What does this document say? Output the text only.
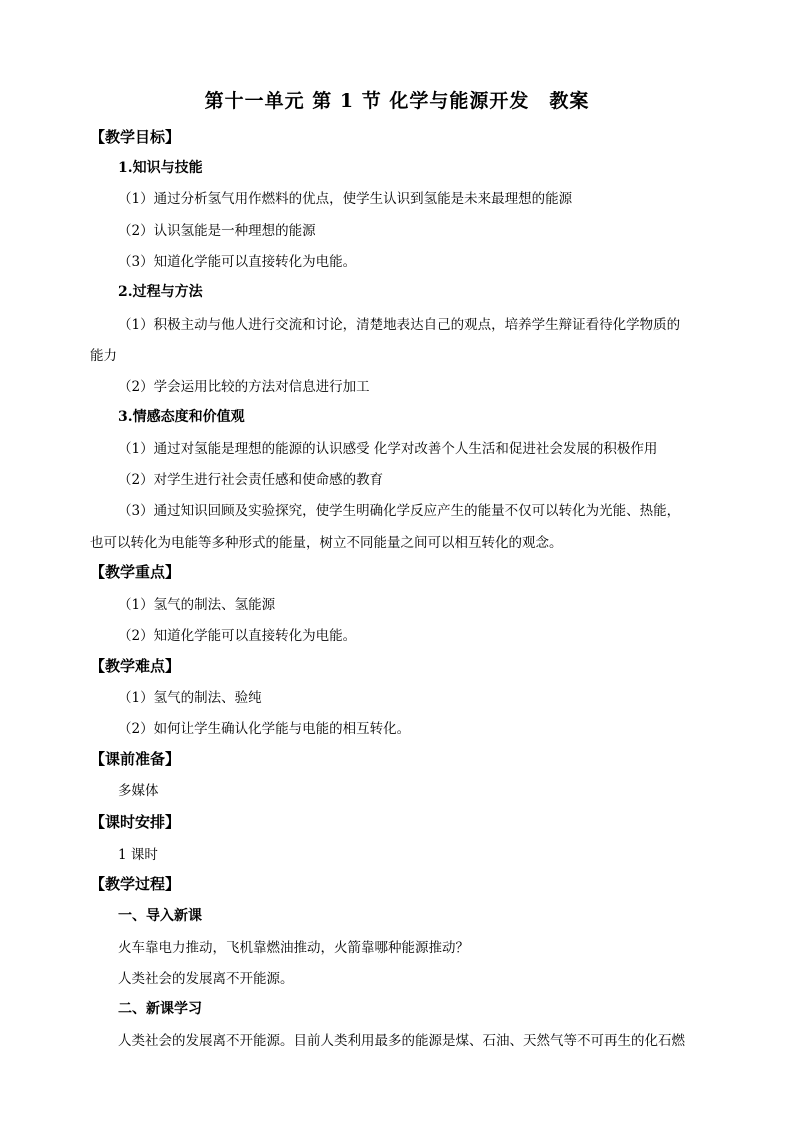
第十一单元 第 1 节 化学与能源开发　教案
【教学目标】
1.知识与技能
（1）通过分析氢气用作燃料的优点，使学生认识到氢能是未来最理想的能源
（2）认识氢能是一种理想的能源
（3）知道化学能可以直接转化为电能。
2.过程与方法
（1）积极主动与他人进行交流和讨论，清楚地表达自己的观点，培养学生辩证看待化学物质的
能力
（2）学会运用比较的方法对信息进行加工
3.情感态度和价值观
（1）通过对氢能是理想的能源的认识感受 化学对改善个人生活和促进社会发展的积极作用
（2）对学生进行社会责任感和使命感的教育
（3）通过知识回顾及实验探究，使学生明确化学反应产生的能量不仅可以转化为光能、热能，
也可以转化为电能等多种形式的能量，树立不同能量之间可以相互转化的观念。
【教学重点】
（1）氢气的制法、氢能源
（2）知道化学能可以直接转化为电能。
【教学难点】
（1）氢气的制法、验纯
（2）如何让学生确认化学能与电能的相互转化。
【课前准备】
多媒体
【课时安排】
1 课时
【教学过程】
一、导入新课
火车靠电力推动，飞机靠燃油推动，火箭靠哪种能源推动？
人类社会的发展离不开能源。
二、新课学习
人类社会的发展离不开能源。目前人类利用最多的能源是煤、石油、天然气等不可再生的化石燃
